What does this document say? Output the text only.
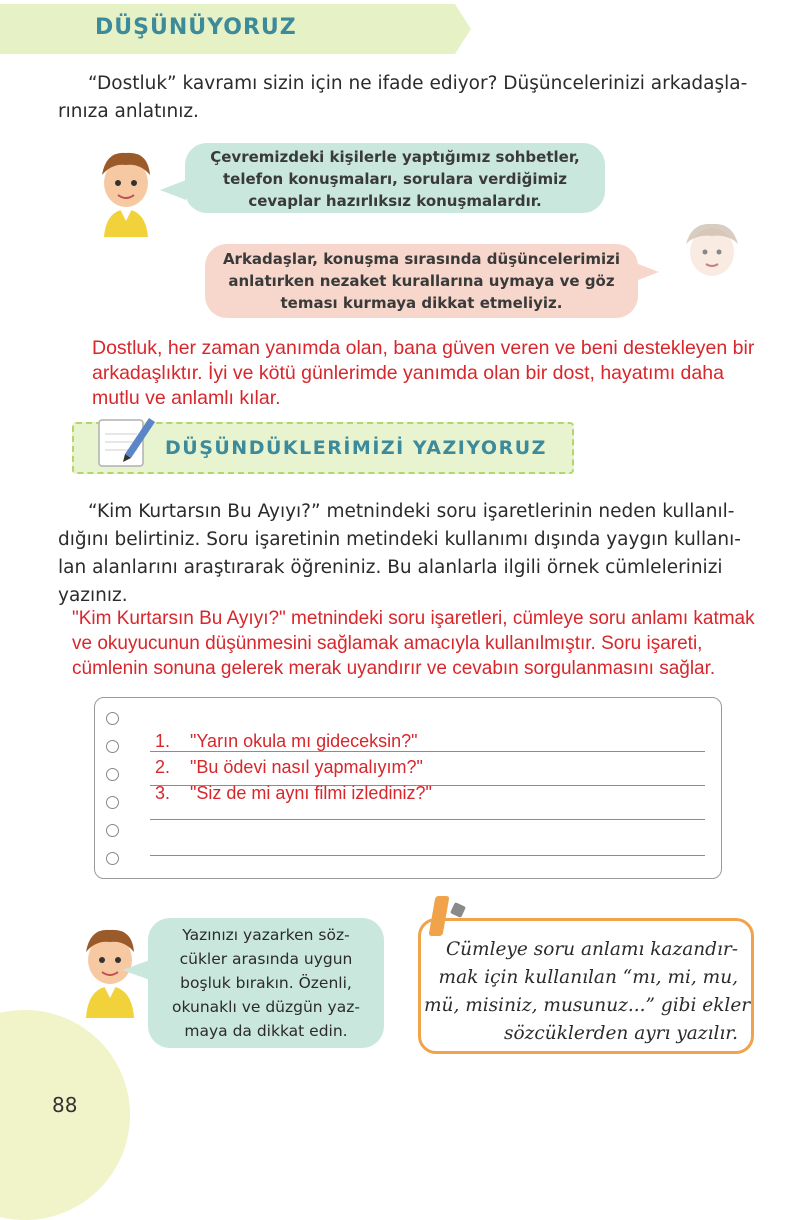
DÜŞÜNÜYORUZ
“Dostluk” kavramı sizin için ne ifade ediyor? Düşüncelerinizi arkadaşla-
rınıza anlatınız.
Çevremizdeki kişilerle yaptığımız sohbetler,
telefon konuşmaları, sorulara verdiğimiz
cevaplar hazırlıksız konuşmalardır.
Arkadaşlar, konuşma sırasında düşüncelerimizi
anlatırken nezaket kurallarına uymaya ve göz
teması kurmaya dikkat etmeliyiz.
Dostluk, her zaman yanımda olan, bana güven veren ve beni destekleyen bir
arkadaşlıktır. İyi ve kötü günlerimde yanımda olan bir dost, hayatımı daha
mutlu ve anlamlı kılar.
DÜŞÜNDÜKLERİMİZİ YAZIYORUZ
“Kim Kurtarsın Bu Ayıyı?” metnindeki soru işaretlerinin neden kullanıl-
dığını belirtiniz. Soru işaretinin metindeki kullanımı dışında yaygın kullanı-
lan alanlarını araştırarak öğreniniz. Bu alanlarla ilgili örnek cümlelerinizi
yazınız.
"Kim Kurtarsın Bu Ayıyı?" metnindeki soru işaretleri, cümleye soru anlamı katmak
ve okuyucunun düşünmesini sağlamak amacıyla kullanılmıştır. Soru işareti,
cümlenin sonuna gelerek merak uyandırır ve cevabın sorgulanmasını sağlar.
1. "Yarın okula mı gideceksin?"
2. "Bu ödevi nasıl yapmalıyım?"
3. "Siz de mi aynı filmi izlediniz?"
Yazınızı yazarken söz-
cükler arasında uygun
boşluk bırakın. Özenli,
okunaklı ve düzgün yaz-
maya da dikkat edin.
Cümleye soru anlamı kazandır-
mak için kullanılan “mı, mi, mu,
mü, misiniz, musunuz...” gibi ekler
sözcüklerden ayrı yazılır.
88
